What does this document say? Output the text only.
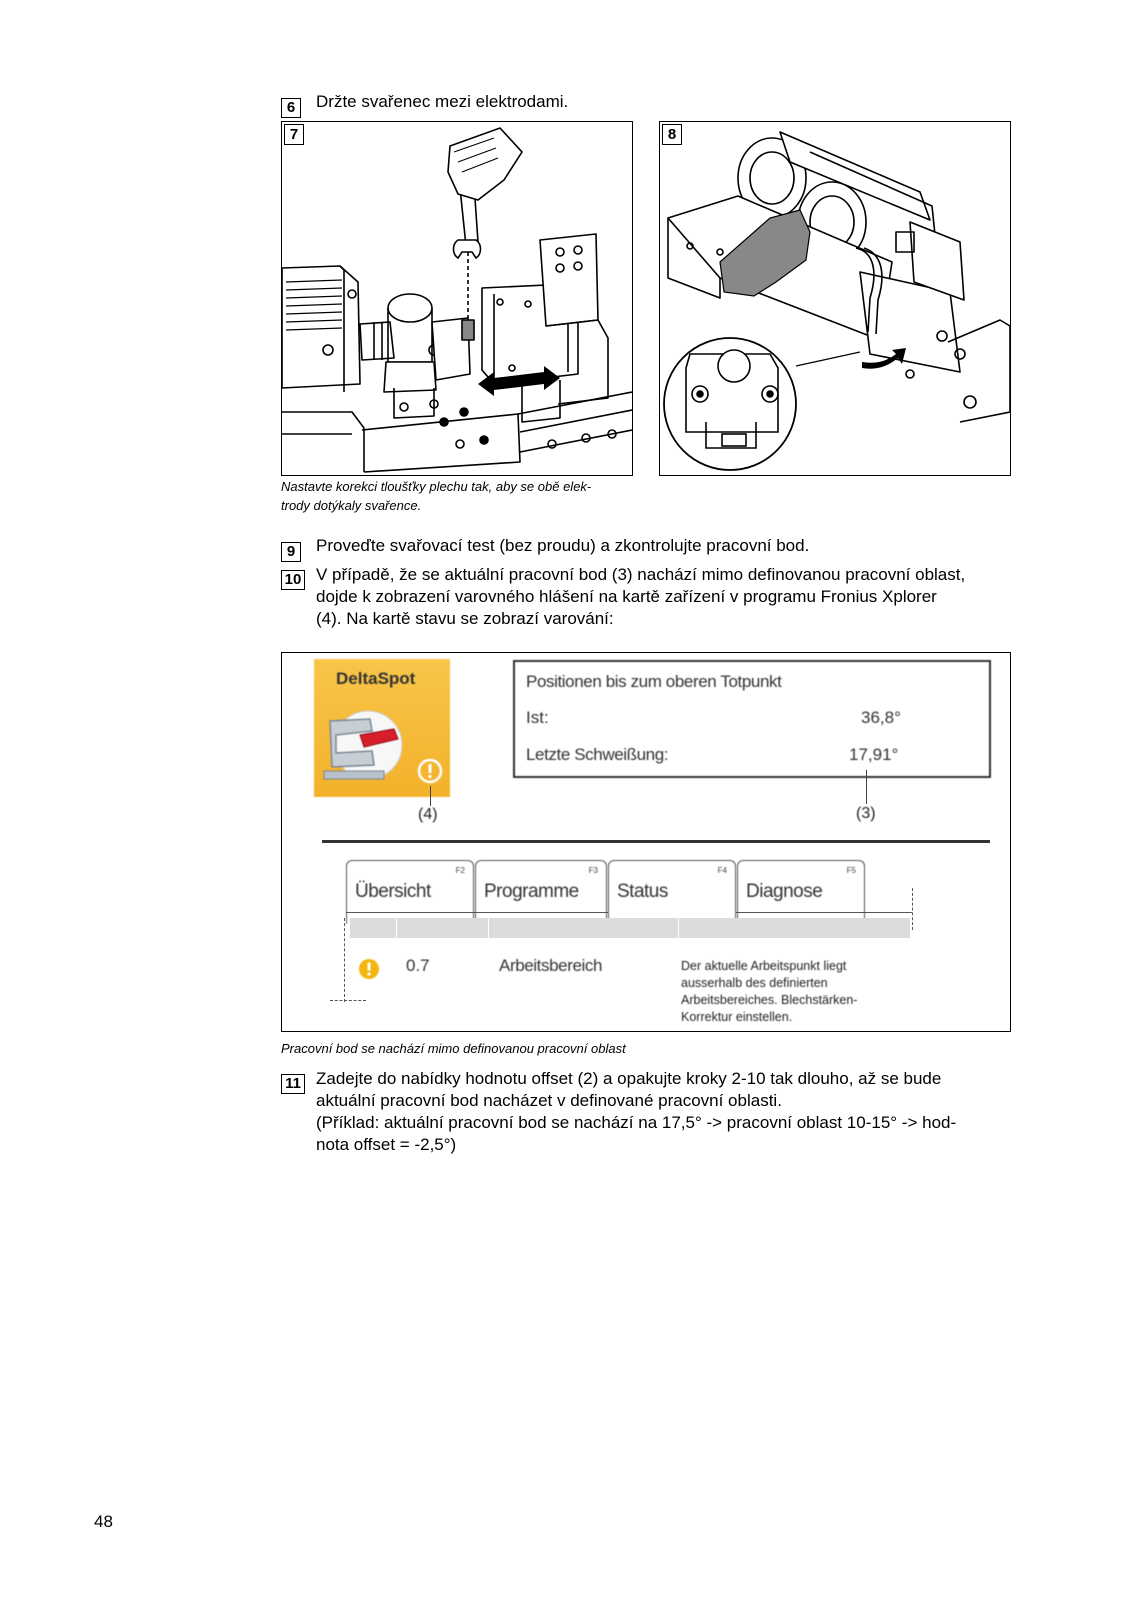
6	Držte svařenec mezi elektrodami.
7
Nastavte korekci tloušťky plechu tak, aby se obě elek-
trody dotýkaly svařence.
8
9	Proveďte svařovací test (bez proudu) a zkontrolujte pracovní bod.
10 V případě, že se aktuální pracovní bod (3) nachází mimo definovanou pracovní oblast,
dojde k zobrazení varovného hlášení na kartě zařízení v programu Fronius Xplorer
(4). Na kartě stavu se zobrazí varování:
DeltaSpot
(4)
Positionen bis zum oberen Totpunkt
Ist:	36,8°
Letzte Schweißung:	17,91°
(3)
Übersicht
F2
Programme
F3
Status
F4
Diagnose
F5
0.7	Arbeitsbereich	Der aktuelle Arbeitspunkt liegt
ausserhalb des definierten
Arbeitsbereiches. Blechstärken-
Korrektur einstellen.
Pracovní bod se nachází mimo definovanou pracovní oblast
11 Zadejte do nabídky hodnotu offset (2) a opakujte kroky 2-10 tak dlouho, až se bude
aktuální pracovní bod nacházet v definované pracovní oblasti.
(Příklad: aktuální pracovní bod se nachází na 17,5° -> pracovní oblast 10-15° -> hod-
nota offset = -2,5°)
48
